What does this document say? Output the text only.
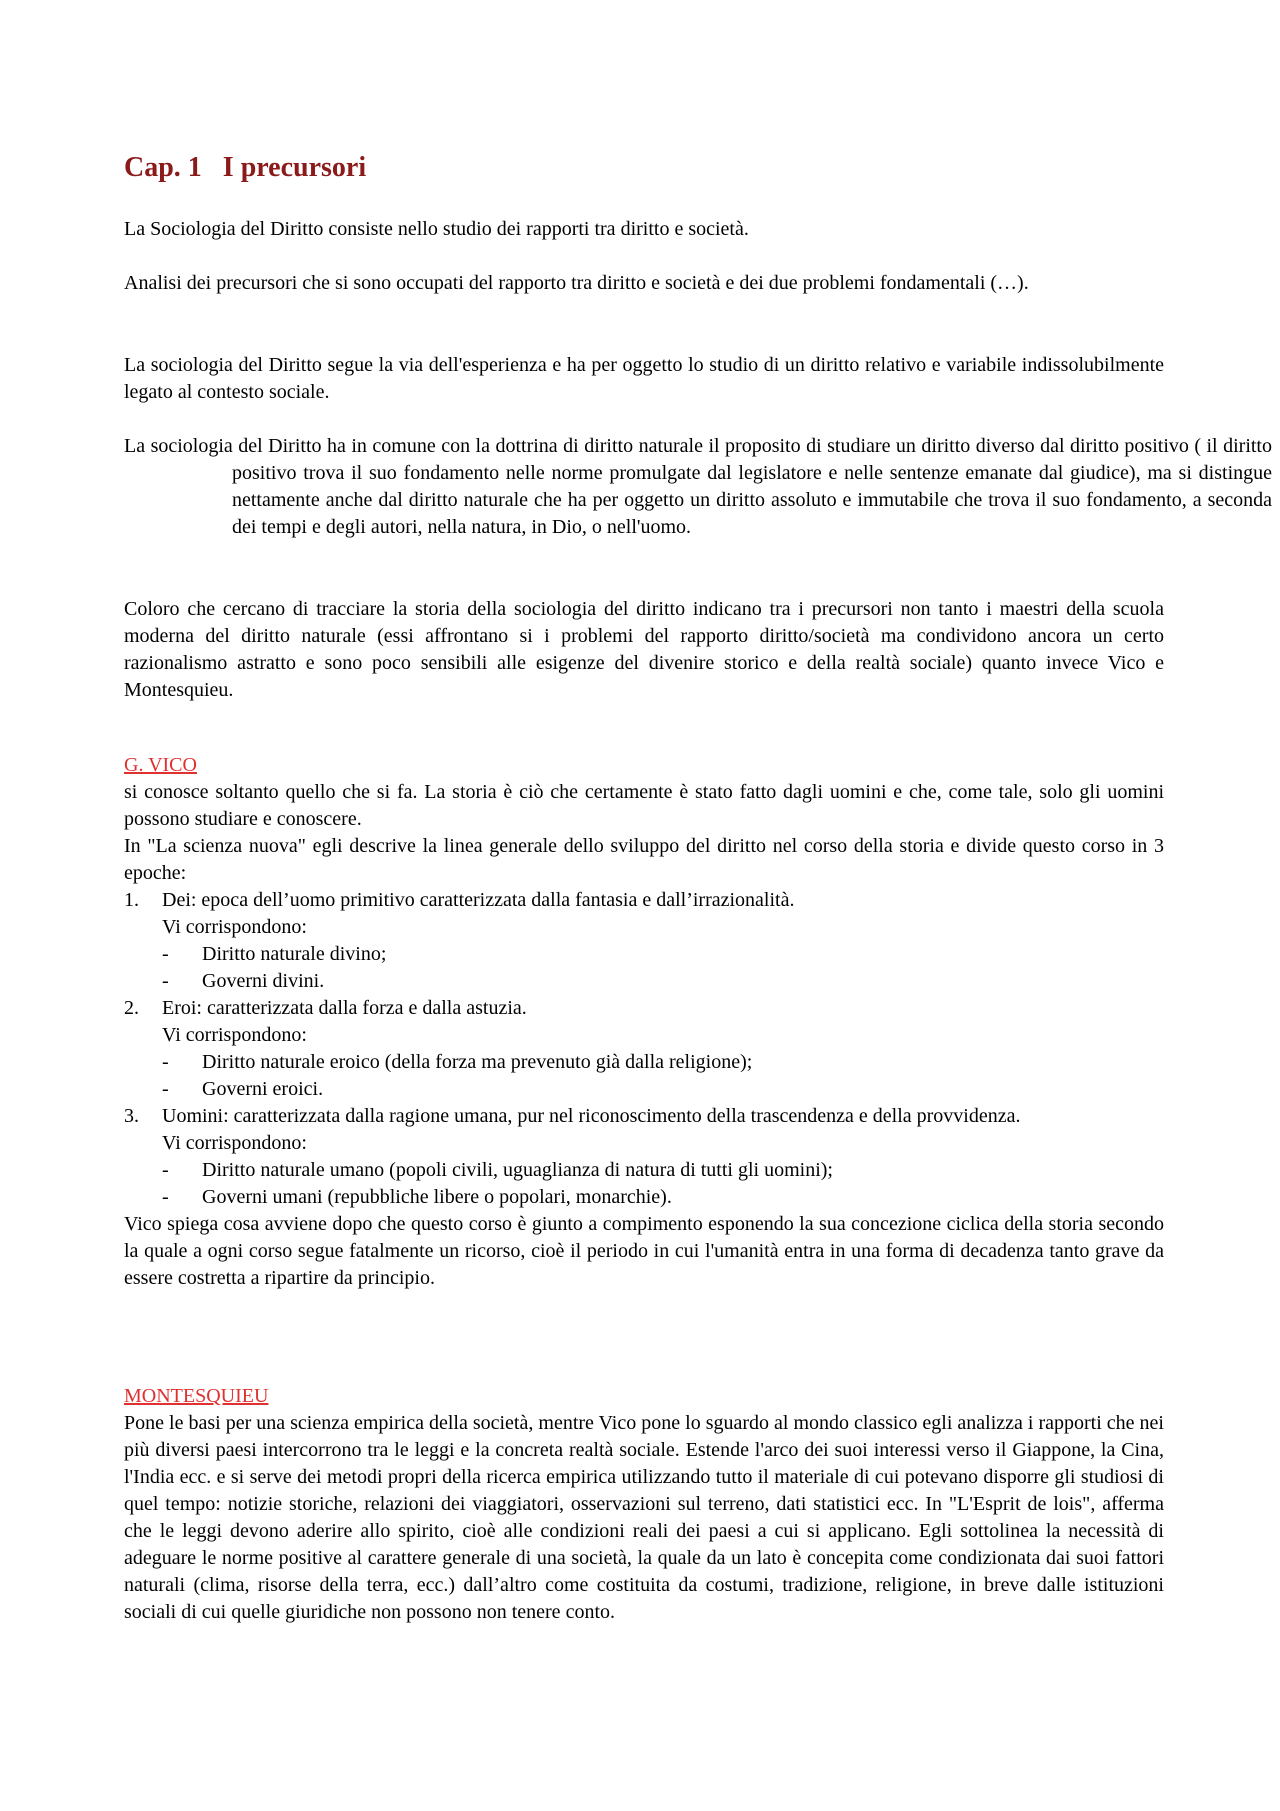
Cap. 1   I precursori

La Sociologia del Diritto consiste nello studio dei rapporti tra diritto e società.

Analisi dei precursori che si sono occupati del rapporto tra diritto e società e dei due problemi fondamentali (…).

La sociologia del Diritto segue la via dell'esperienza e ha per oggetto lo studio di un diritto relativo e variabile indissolubilmente legato al contesto sociale.

La sociologia del Diritto ha in comune con la dottrina di diritto naturale il proposito di studiare un diritto diverso dal diritto positivo ( il diritto positivo trova il suo fondamento nelle norme promulgate dal legislatore e nelle sentenze emanate dal giudice), ma si distingue nettamente anche dal diritto naturale che ha per oggetto un diritto assoluto e immutabile che trova il suo fondamento, a seconda dei tempi e degli autori, nella natura, in Dio, o nell'uomo.

Coloro che cercano di tracciare la storia della sociologia del diritto indicano tra i precursori non tanto i maestri della scuola moderna del diritto naturale (essi affrontano si i problemi del rapporto diritto/società ma condividono ancora un certo razionalismo astratto e sono poco sensibili alle esigenze del divenire storico e della realtà sociale) quanto invece Vico e Montesquieu.

G. VICO

si conosce soltanto quello che si fa. La storia è ciò che certamente è stato fatto dagli uomini e che, come tale, solo gli uomini possono studiare e conoscere.

In "La scienza nuova" egli descrive la linea generale dello sviluppo del diritto nel corso della storia e divide questo corso in 3 epoche:

1.	Dei: epoca dell’uomo primitivo caratterizzata dalla fantasia e dall’irrazionalità.
Vi corrispondono:
-	Diritto naturale divino;
-	Governi divini.
2.	Eroi: caratterizzata dalla forza e dalla astuzia.
Vi corrispondono:
-	Diritto naturale eroico (della forza ma prevenuto già dalla religione);
-	Governi eroici.
3.	Uomini: caratterizzata dalla ragione umana, pur nel riconoscimento della trascendenza e della provvidenza.
Vi corrispondono:
-	Diritto naturale umano (popoli civili, uguaglianza di natura di tutti gli uomini);
-	Governi umani (repubbliche libere o popolari, monarchie).

Vico spiega cosa avviene dopo che questo corso è giunto a compimento esponendo la sua concezione ciclica della storia secondo la quale a ogni corso segue fatalmente un ricorso, cioè il periodo in cui l'umanità entra in una forma di decadenza tanto grave da essere costretta a ripartire da principio.

MONTESQUIEU

Pone le basi per una scienza empirica della società, mentre Vico pone lo sguardo al mondo classico egli analizza i rapporti che nei più diversi paesi intercorrono tra le leggi e la concreta realtà sociale. Estende l'arco dei suoi interessi verso il Giappone, la Cina, l'India ecc. e si serve dei metodi propri della ricerca empirica utilizzando tutto il materiale di cui potevano disporre gli studiosi di quel tempo: notizie storiche, relazioni dei viaggiatori, osservazioni sul terreno, dati statistici ecc. In "L'Esprit de lois", afferma che le leggi devono aderire allo spirito, cioè alle condizioni reali dei paesi a cui si applicano. Egli sottolinea la necessità di adeguare le norme positive al carattere generale di una società, la quale da un lato è concepita come condizionata dai suoi fattori naturali (clima, risorse della terra, ecc.) dall’altro come costituita da costumi, tradizione, religione, in breve dalle istituzioni sociali di cui quelle giuridiche non possono non tenere conto.
